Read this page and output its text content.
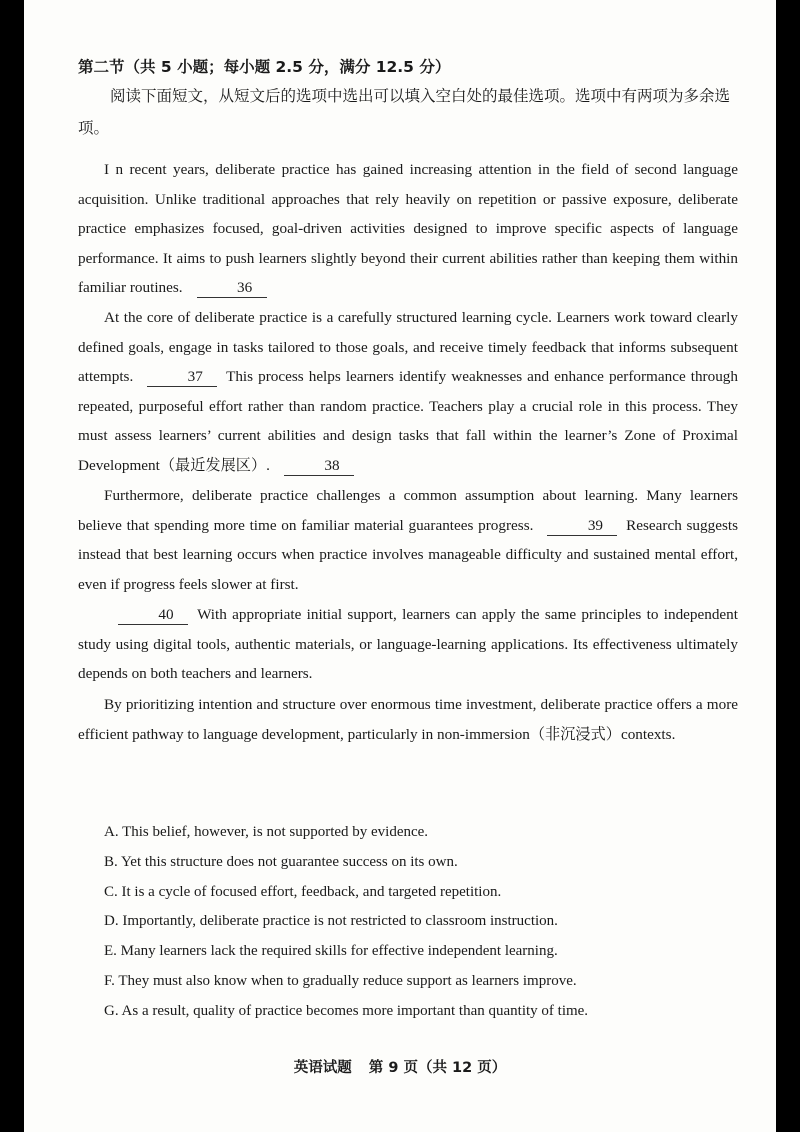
第二节（共 5 小题；每小题 2.5 分，满分 12.5 分）
阅读下面短文，从短文后的选项中选出可以填入空白处的最佳选项。选项中有两项为多余选项。
I n recent years, deliberate practice has gained increasing attention in the field of second language acquisition. Unlike traditional approaches that rely heavily on repetition or passive exposure, deliberate practice emphasizes focused, goal-driven activities designed to improve specific aspects of language performance. It aims to push learners slightly beyond their current abilities rather than keeping them within familiar routines.	36
At the core of deliberate practice is a carefully structured learning cycle. Learners work toward clearly defined goals, engage in tasks tailored to those goals, and receive timely feedback that informs subsequent attempts.	37 This process helps learners identify weaknesses and enhance performance through repeated, purposeful effort rather than random practice. Teachers play a crucial role in this process. They must assess learners’ current abilities and design tasks that fall within the learner’s Zone of Proximal Development（最近发展区）.	38
Furthermore, deliberate practice challenges a common assumption about learning. Many learners believe that spending more time on familiar material guarantees progress.	39 Research suggests instead that best learning occurs when practice involves manageable difficulty and sustained mental effort, even if progress feels slower at first.
40 With appropriate initial support, learners can apply the same principles to independent study using digital tools, authentic materials, or language-learning applications. Its effectiveness ultimately depends on both teachers and learners.
By prioritizing intention and structure over enormous time investment, deliberate practice offers a more efficient pathway to language development, particularly in non-immersion（非沉浸式）contexts.
A. This belief, however, is not supported by evidence.
B. Yet this structure does not guarantee success on its own.
C. It is a cycle of focused effort, feedback, and targeted repetition.
D. Importantly, deliberate practice is not restricted to classroom instruction.
E. Many learners lack the required skills for effective independent learning.
F. They must also know when to gradually reduce support as learners improve.
G. As a result, quality of practice becomes more important than quantity of time.
英语试题 第 9 页（共 12 页）
